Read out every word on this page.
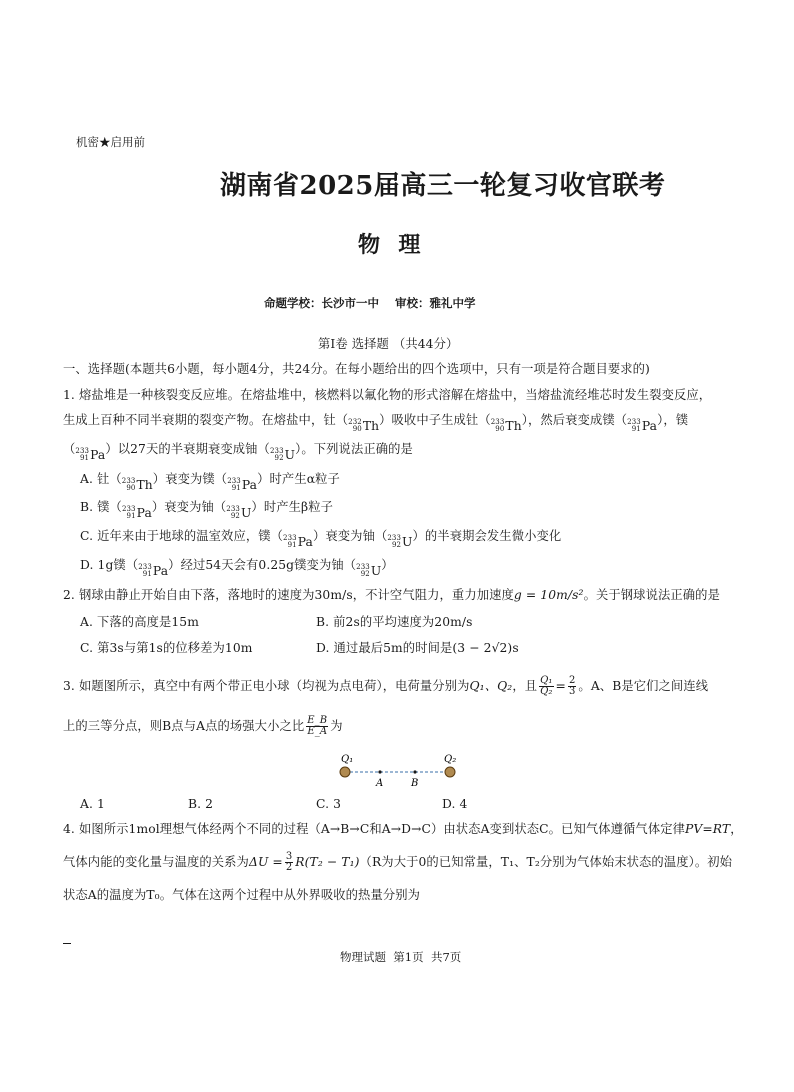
机密★启用前
湖南省2025届高三一轮复习收官联考
物  理
命题学校：长沙市一中    审校：雅礼中学
第Ⅰ卷 选择题 （共44分）
一、选择题(本题共6小题，每小题4分，共24分。在每小题给出的四个选项中，只有一项是符合题目要求的)
1. 熔盐堆是一种核裂变反应堆。在熔盐堆中，核燃料以氟化物的形式溶解在熔盐中，当熔盐流经堆芯时发生裂变反应，
生成上百种不同半衰期的裂变产物。在熔盐中，钍（ 232
90 Th ）吸收中子生成钍（ 233
90 Th ），然后衰变成镤（ 233
91 Pa ），镤
（ 233
91 Pa ）以27天的半衰期衰变成铀（ 233
92 U ）。下列说法正确的是
A. 钍（ 233
90 Th ）衰变为镤（ 233
91 Pa ）时产生α粒子
B. 镤（ 233
91 Pa ）衰变为铀（ 233
92 U ）时产生β粒子
C. 近年来由于地球的温室效应，镤（ 233
91 Pa ）衰变为铀（ 233
92 U ）的半衰期会发生微小变化
D. 1g镤（ 233
91 Pa ）经过54天会有0.25g镤变为铀（ 233
92 U ）
2. 钢球由静止开始自由下落，落地时的速度为30m/s，不计空气阻力，重力加速度g = 10m/s²。关于钢球说法正确的是
A. 下落的高度是15m	B. 前2s的平均速度为20m/s
C. 第3s与第1s的位移差为10m	D. 通过最后5m的时间是(3 − 2√2)s
3. 如题图所示，真空中有两个带正电小球（均视为点电荷），电荷量分别为Q₁、Q₂，且 $\frac{\text{Q₁}}{\text{Q₂}} = \frac{2}{3}$ 。A、B是它们之间连线
上的三等分点，则B点与A点的场强大小之比 $\frac{E\_B}{E\_A}$ 为
Q₁	Q₂
A	B
A. 1	B. 2	C. 3	D. 4
4. 如图所示1mol理想气体经两个不同的过程（A→B→C和A→D→C）由状态A变到状态C。已知气体遵循气体定律PV=RT，
气体内能的变化量与温度的关系为$\Delta U = \frac{3}{2} R(T_2 - T_1)(R$为大于0的已知常量，T₁、T₂分别为气体始末状态的温度）。初始
状态A的温度为T₀。气体在这两个过程中从外界吸收的热量分别为
物理试题  第1页  共7页
